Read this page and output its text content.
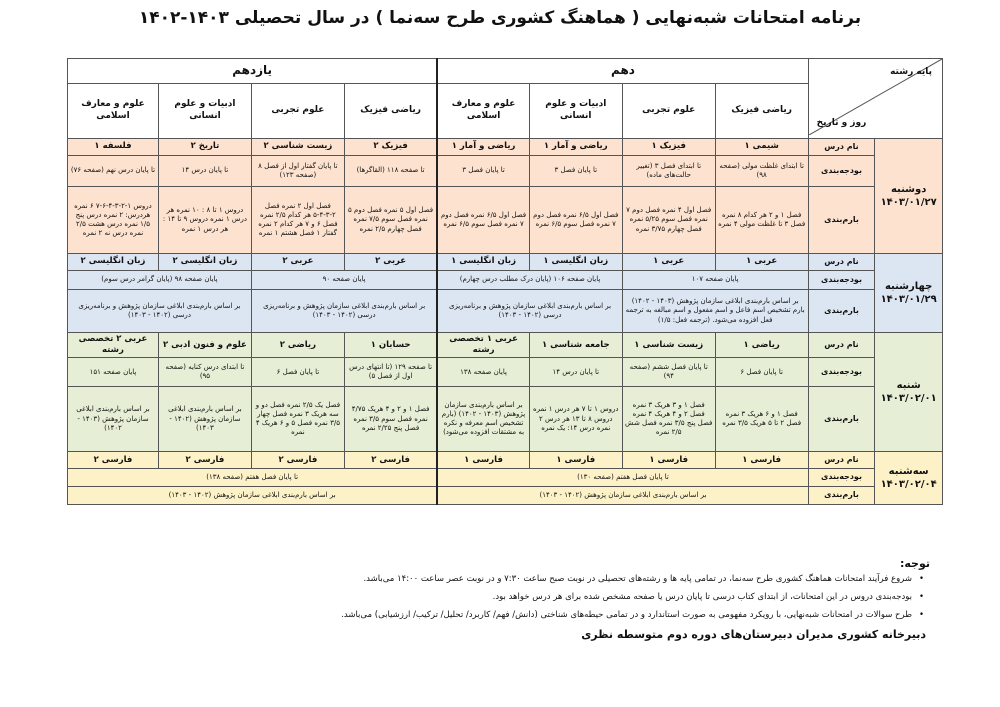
برنامه امتحانات شبه‌نهایی ( هماهنگ کشوری طرح سه‌نما ) در سال تحصیلی ۱۴۰۳-۱۴۰۲
پایه رشته
روز و تاریخ		دهم				یازدهم			
		ریاضی فیزیک	علوم تجربی	ادبیات و علوم انسانی	علوم و معارف اسلامی	ریاضی فیزیک	علوم تجربی	ادبیات و علوم انسانی	علوم و معارف اسلامی

دوشنبه
۱۴۰۳/۰۱/۲۷	نام درس	شیمی ۱	فیزیک ۱	ریاضی و آمار ۱	ریاضی و آمار ۱	فیزیک ۲	زیست شناسی ۲	تاریخ ۲	فلسفه ۱
	بودجه‌بندی	تا ابتدای غلظت مولی (صفحه ۹۸)	تا ابتدای فصل ۳ (تغییر حالت‌های ماده)	تا پایان فصل ۳	تا پایان فصل ۳	تا صفحه ۱۱۸ (القاگرها)	تا پایان گفتار اول از فصل ۸ (صفحه ۱۲۳)	تا پایان درس ۱۴	تا پایان درس نهم (صفحه ۷۶)
	بارم‌بندی	فصل ۱ و ۲ هر کدام ۸ نمره فصل ۳ تا غلظت مولی ۴ نمره	فصل اول ۴ نمره فصل دوم ۷ نمره فصل سوم ۵/۲۵ نمره فصل چهارم ۳/۷۵ نمره	فصل اول ۶/۵ نمره فصل دوم ۷ نمره فصل سوم ۶/۵ نمره	فصل اول ۶/۵ نمره فصل دوم ۷ نمره فصل سوم ۶/۵ نمره	فصل اول ۵ نمره فصل دوم ۵ نمره فصل سوم ۷/۵ نمره فصل چهارم ۲/۵ نمره	فصل اول ۲ نمره فصل ۲-۳-۴-۵ هر کدام ۲/۵ نمره فصل ۶ و ۷ هر کدام ۲ نمره گفتار ۱ فصل هشتم ۱ نمره	دروس ۱ تا ۸ : ۱۰ نمره هر درس ۱ نمره دروس ۹ تا ۱۴ : هر درس ۱ نمره	دروس ۱-۲-۳-۴-۶-۷ ۶ نمره هردرس: ۲ نمره درس پنج ۱/۵ نمره درس هشت ۲/۵ نمره درس نه ۲ نمره

چهارشنبه
۱۴۰۳/۰۱/۲۹	نام درس	عربی ۱	عربی ۱	زبان انگلیسی ۱	زبان انگلیسی ۱	عربی ۲	عربی ۲	زبان انگلیسی ۲	زبان انگلیسی ۲
	بودجه‌بندی	پایان صفحه ۱۰۷		پایان صفحه ۱۰۶ (پایان درک مطلب درس چهارم)		پایان صفحه ۹۰		پایان صفحه ۹۸ (پایان گرامر درس سوم)	
	بارم‌بندی	بر اساس بارم‌بندی ابلاغی سازمان پژوهش (۱۴۰۳ - ۱۴۰۲) بارم تشخیص اسم فاعل و اسم مفعول و اسم مبالغه به ترجمه فعل افزوده می‌شود. (ترجمه فعل: ۱/۵)		بر اساس بارم‌بندی ابلاغی سازمان پژوهش و برنامه‌ریزی درسی (۱۴۰۲ - ۱۴۰۳)		بر اساس بارم‌بندی ابلاغی سازمان پژوهش و برنامه‌ریزی درسی (۱۴۰۲ - ۱۴۰۳)		بر اساس بارم‌بندی ابلاغی سازمان پژوهش و برنامه‌ریزی درسی (۱۴۰۲ - ۱۴۰۳)	

شنبه
۱۴۰۳/۰۲/۰۱	نام درس	ریاضی ۱	زیست شناسی ۱	جامعه شناسی ۱	عربی ۱ تخصصی رشته	حسابان ۱	ریاضی ۲	علوم و فنون ادبی ۲	عربی ۲ تخصصی رشته
	بودجه‌بندی	تا پایان فصل ۶	تا پایان فصل ششم (صفحه ۹۴)	تا پایان درس ۱۴	پایان صفحه ۱۳۸	تا صفحه ۱۲۹ (تا انتهای درس اول از فصل ۵)	تا پایان فصل ۶	تا ابتدای درس کنایه (صفحه ۹۵)	پایان صفحه ۱۵۱
	بارم‌بندی	فصل ۱ و ۶ هریک ۳ نمره فصل ۲ تا ۵ هریک ۳/۵ نمره	فصل ۱ و ۳ هریک ۳ نمره فصل ۲ و ۴ هریک ۴ نمره فصل پنج ۳/۵ نمره فصل شش ۲/۵ نمره	دروس ۱ تا ۷ هر درس ۱ نمره دروس ۸ تا ۱۳ هر درس ۲ نمره درس ۱۴: یک نمره	بر اساس بارم‌بندی سازمان پژوهش (۱۴۰۳ - ۱۴۰۲) (بارم تشخیص اسم معرفه و نکره به مشتقات افزوده می‌شود)	فصل ۱ و ۲ و ۴ هریک ۴/۷۵ نمره فصل سوم ۳/۵ نمره فصل پنج ۲/۲۵ نمره	فصل یک ۲/۵ نمره فصل دو و سه هریک ۳ نمره فصل چهار ۳/۵ نمره فصل ۵ و ۶ هریک ۴ نمره	بر اساس بارم‌بندی ابلاغی سازمان پژوهش (۱۴۰۲ - ۱۴۰۳)	بر اساس بارم‌بندی ابلاغی سازمان پژوهش (۱۴۰۳ - ۱۴۰۲)

سه‌شنبه
۱۴۰۳/۰۲/۰۴	نام درس	فارسی ۱	فارسی ۱	فارسی ۱	فارسی ۱	فارسی ۲	فارسی ۲	فارسی ۲	فارسی ۲
	بودجه‌بندی	تا پایان فصل هفتم (صفحه ۱۳۰)				تا پایان فصل هفتم (صفحه ۱۳۸)			
	بارم‌بندی	بر اساس بارم‌بندی ابلاغی سازمان پژوهش (۱۴۰۲ - ۱۴۰۳)				بر اساس بارم‌بندی ابلاغی سازمان پژوهش (۱۴۰۲ - ۱۴۰۳)			
توجه:
• شروع فرآیند امتحانات هماهنگ کشوری طرح سه‌نما، در تمامی پایه ها و رشته‌های تحصیلی در نوبت صبح ساعت ۷:۳۰ و در نوبت عصر ساعت ۱۴:۰۰ می‌باشد.
• بودجه‌بندی دروس در این امتحانات، از ابتدای کتاب درسی تا پایان درس یا صفحه مشخص شده برای هر درس خواهد بود.
• طرح سوالات در امتحانات شبه‌نهایی، با رویکرد مفهومی به صورت استاندارد و در تمامی حیطه‌های شناختی (دانش/ فهم/ کاربرد/ تحلیل/ ترکیب/ ارزشیابی) می‌باشد.
دبیرخانه کشوری مدیران دبیرستان‌های دوره دوم متوسطه نظری
